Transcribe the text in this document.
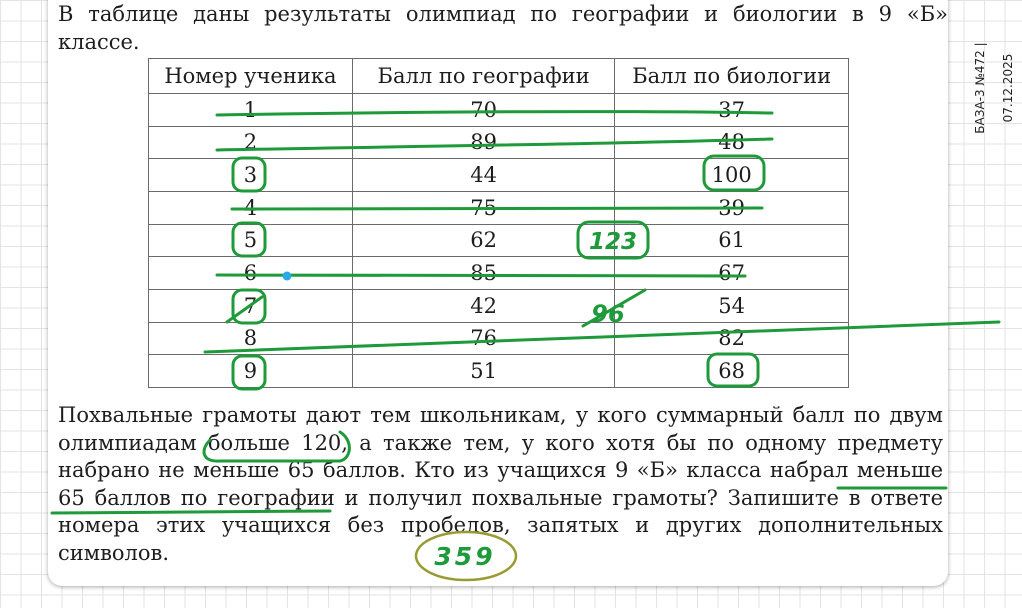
В таблице даны результаты олимпиад по географии и биологии в 9 «Б»
классе.

Номер ученика	Балл по географии	Балл по биологии
1	70	37
2	89	48
3	44	100
4	75	39
5	62	61
6	85	67
7	42	54
8	76	82
9	51	68

Похвальные грамоты дают тем школьникам, у кого суммарный балл по двум
олимпиадам больше 120, а также тем, у кого хотя бы по одному предмету
набрано не меньше 65 баллов. Кто из учащихся 9 «Б» класса набрал меньше
65 баллов по географии и получил похвальные грамоты? Запишите в ответе
номера этих учащихся без пробелов, запятых и других дополнительных
символов.

БАЗА-3 №472 | 07.12.2025
123
96
359
